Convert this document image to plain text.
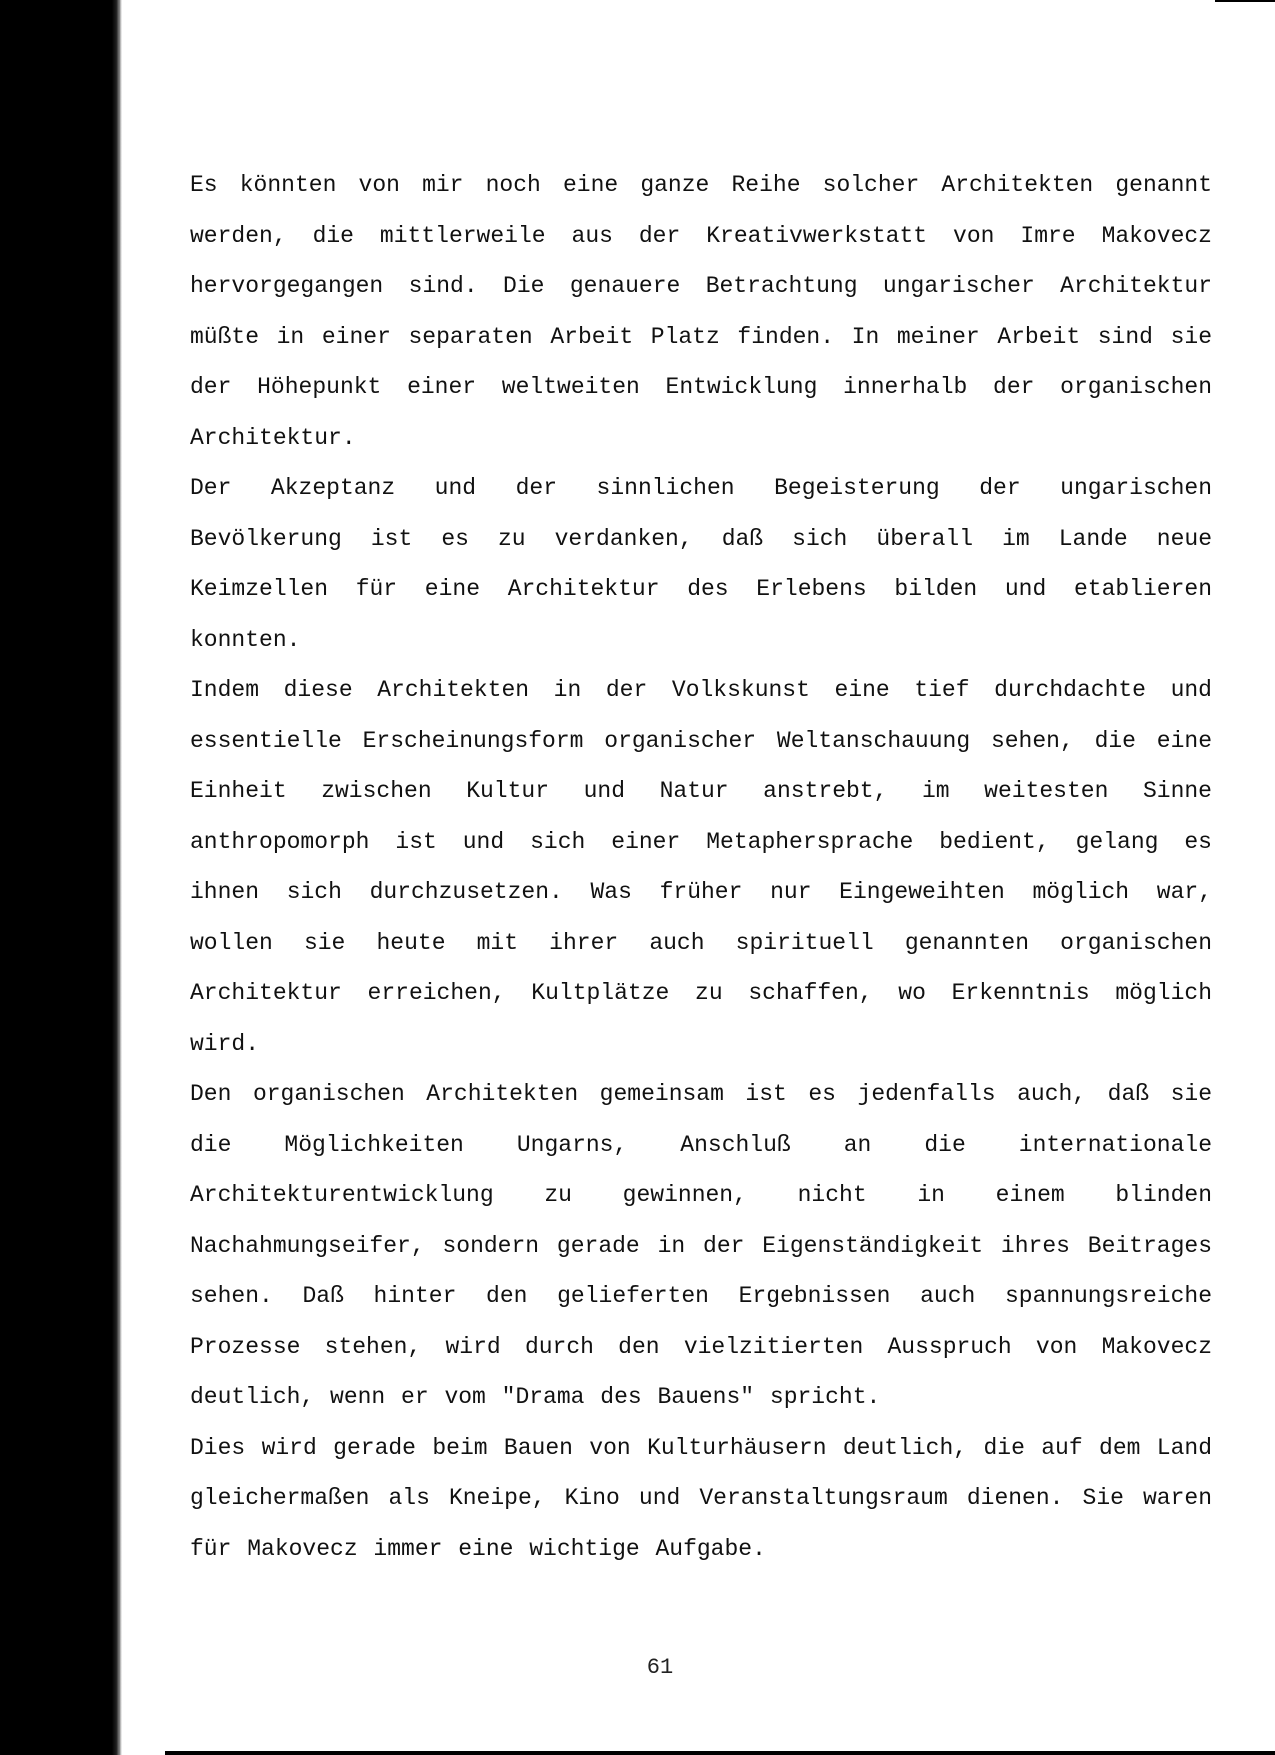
Es könnten von mir noch eine ganze Reihe solcher Architekten genannt werden, die mittlerweile aus der Kreativwerkstatt von Imre Makovecz hervorgegangen sind. Die genauere Betrachtung ungarischer Architektur müßte in einer separaten Arbeit Platz finden. In meiner Arbeit sind sie der Höhepunkt einer weltweiten Entwicklung innerhalb der organischen Architektur.

Der Akzeptanz und der sinnlichen Begeisterung der ungarischen Bevölkerung ist es zu verdanken, daß sich überall im Lande neue Keimzellen für eine Architektur des Erlebens bilden und etablieren konnten.

Indem diese Architekten in der Volkskunst eine tief durchdachte und essentielle Erscheinungsform organischer Weltanschauung sehen, die eine Einheit zwischen Kultur und Natur anstrebt, im weitesten Sinne anthropomorph ist und sich einer Metaphersprache bedient, gelang es ihnen sich durchzusetzen. Was früher nur Eingeweihten möglich war, wollen sie heute mit ihrer auch spirituell genannten organischen Architektur erreichen, Kultplätze zu schaffen, wo Erkenntnis möglich wird.

Den organischen Architekten gemeinsam ist es jedenfalls auch, daß sie die Möglichkeiten Ungarns, Anschluß an die internationale Architekturentwicklung zu gewinnen, nicht in einem blinden Nachahmungseifer, sondern gerade in der Eigenständigkeit ihres Beitrages sehen. Daß hinter den gelieferten Ergebnissen auch spannungsreiche Prozesse stehen, wird durch den vielzitierten Ausspruch von Makovecz deutlich, wenn er vom "Drama des Bauens" spricht.

Dies wird gerade beim Bauen von Kulturhäusern deutlich, die auf dem Land gleichermaßen als Kneipe, Kino und Veranstaltungsraum dienen. Sie waren für Makovecz immer eine wichtige Aufgabe.

61
